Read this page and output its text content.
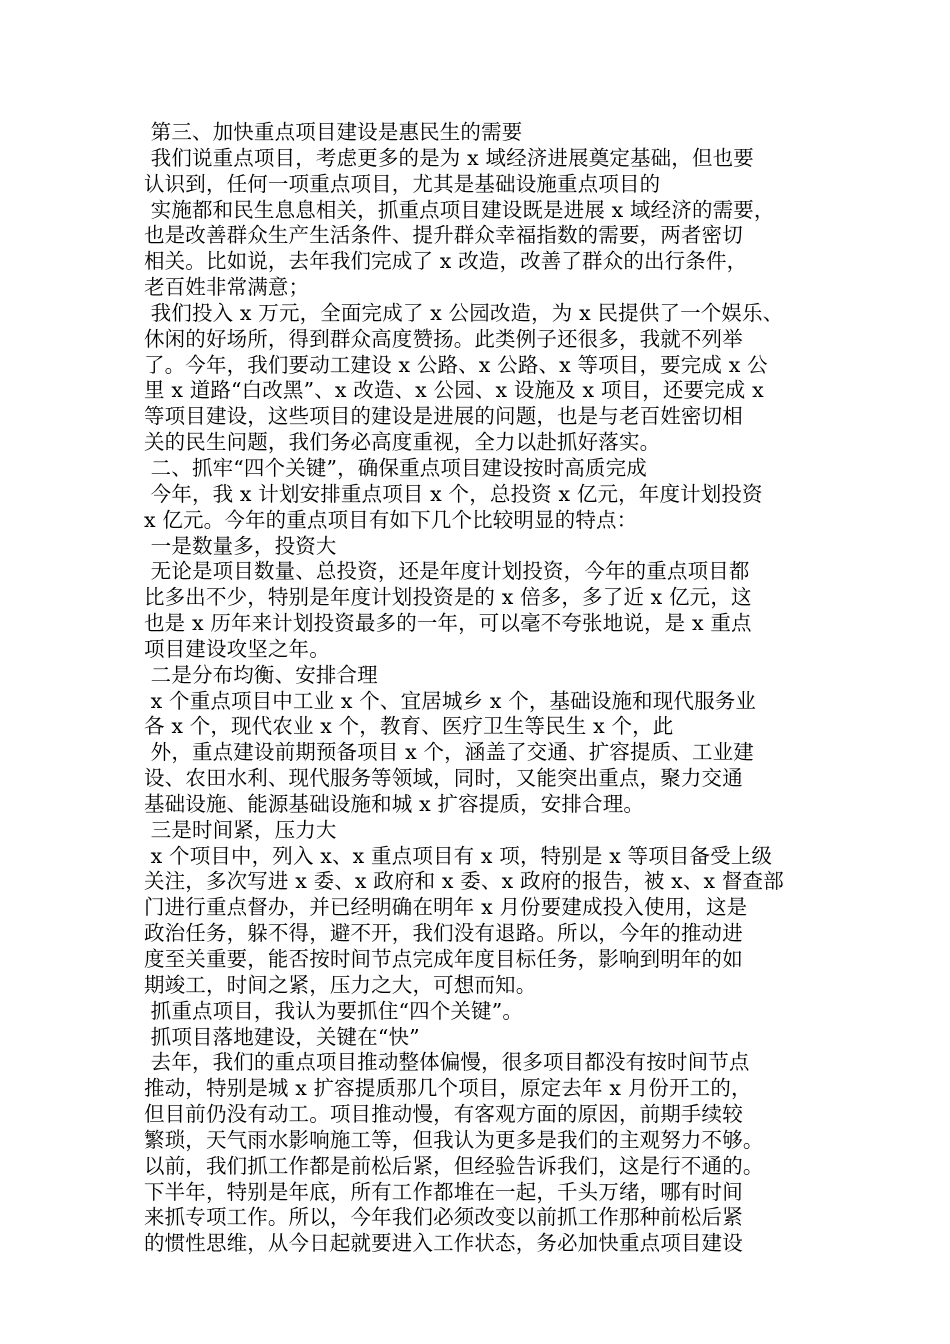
第三、加快重点项目建设是惠民生的需要
我们说重点项目，考虑更多的是为 x 域经济进展奠定基础，但也要
认识到，任何一项重点项目，尤其是基础设施重点项目的
实施都和民生息息相关，抓重点项目建设既是进展 x 域经济的需要，
也是改善群众生产生活条件、提升群众幸福指数的需要，两者密切
相关。比如说，去年我们完成了 x 改造，改善了群众的出行条件，
老百姓非常满意；
我们投入 x 万元，全面完成了 x 公园改造，为 x 民提供了一个娱乐、
休闲的好场所，得到群众高度赞扬。此类例子还很多，我就不列举
了。今年，我们要动工建设 x 公路、x 公路、x 等项目，要完成 x 公
里 x 道路“白改黑”、x 改造、x 公园、x 设施及 x 项目，还要完成 x
等项目建设，这些项目的建设是进展的问题，也是与老百姓密切相
关的民生问题，我们务必高度重视，全力以赴抓好落实。
二、抓牢“四个关键”，确保重点项目建设按时高质完成
今年，我 x 计划安排重点项目 x 个，总投资 x 亿元，年度计划投资
x 亿元。今年的重点项目有如下几个比较明显的特点：
一是数量多，投资大
无论是项目数量、总投资，还是年度计划投资，今年的重点项目都
比多出不少，特别是年度计划投资是的 x 倍多，多了近 x 亿元，这
也是 x 历年来计划投资最多的一年，可以毫不夸张地说，是 x 重点
项目建设攻坚之年。
二是分布均衡、安排合理
x 个重点项目中工业 x 个、宜居城乡 x 个，基础设施和现代服务业
各 x 个，现代农业 x 个，教育、医疗卫生等民生 x 个，此
外，重点建设前期预备项目 x 个，涵盖了交通、扩容提质、工业建
设、农田水利、现代服务等领域，同时，又能突出重点，聚力交通
基础设施、能源基础设施和城 x 扩容提质，安排合理。
三是时间紧，压力大
x 个项目中，列入 x、x 重点项目有 x 项，特别是 x 等项目备受上级
关注，多次写进 x 委、x 政府和 x 委、x 政府的报告，被 x、x 督查部
门进行重点督办，并已经明确在明年 x 月份要建成投入使用，这是
政治任务，躲不得，避不开，我们没有退路。所以，今年的推动进
度至关重要，能否按时间节点完成年度目标任务，影响到明年的如
期竣工，时间之紧，压力之大，可想而知。
抓重点项目，我认为要抓住“四个关键”。
抓项目落地建设，关键在“快”
去年，我们的重点项目推动整体偏慢，很多项目都没有按时间节点
推动，特别是城 x 扩容提质那几个项目，原定去年 x 月份开工的，
但目前仍没有动工。项目推动慢，有客观方面的原因，前期手续较
繁琐，天气雨水影响施工等，但我认为更多是我们的主观努力不够。
以前，我们抓工作都是前松后紧，但经验告诉我们，这是行不通的。
下半年，特别是年底，所有工作都堆在一起，千头万绪，哪有时间
来抓专项工作。所以，今年我们必须改变以前抓工作那种前松后紧
的惯性思维，从今日起就要进入工作状态，务必加快重点项目建设
